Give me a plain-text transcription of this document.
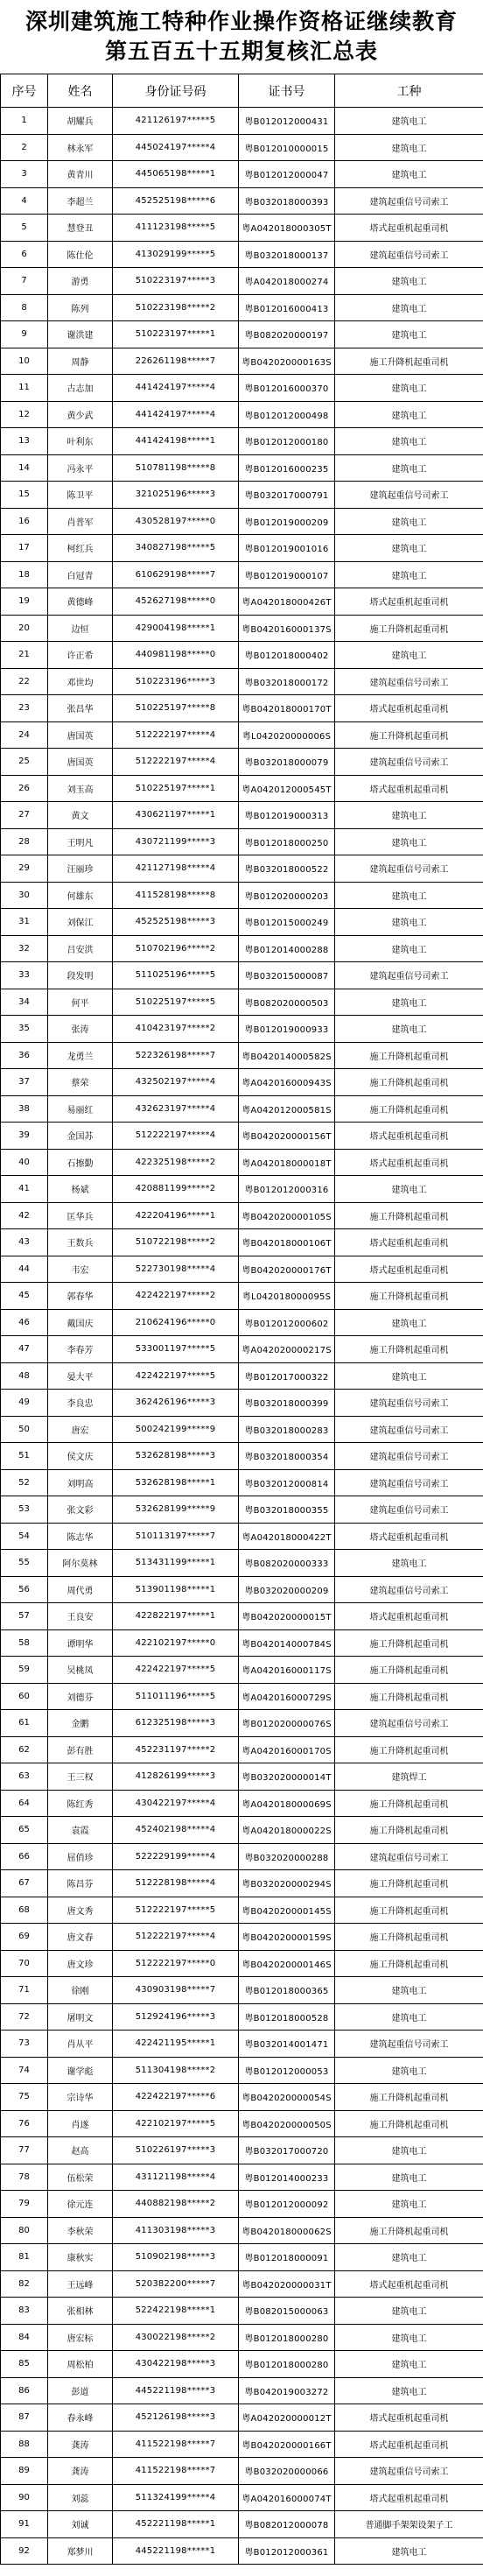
深圳建筑施工特种作业操作资格证继续教育
第五百五十五期复核汇总表
序号	姓名	身份证号码	证书号	工种
1	胡耀兵	421126197*****5	粤B012012000431	建筑电工
2	林永军	445024197*****4	粤B012010000015	建筑电工
3	黄青川	445065198*****1	粤B012012000047	建筑电工
4	李超兰	452525198*****6	粤B032018000393	建筑起重信号司索工
5	慧登丑	411123198*****5	粤A042018000305T	塔式起重机起重司机
6	陈仕伦	413029199*****5	粤B032018000137	建筑起重信号司索工
7	游勇	510223197*****3	粤A042018000274	建筑电工
8	陈列	510223198*****2	粤B012016000413	建筑电工
9	谢洪建	510223197*****1	粤B082020000197	建筑电工
10	周静	226261198*****7	粤B042020000163S	施工升降机起重司机
11	古志加	441424197*****4	粤B012016000370	建筑电工
12	黄少武	441424197*****4	粤B012012000498	建筑电工
13	叶利东	441424198*****1	粤B012012000180	建筑电工
14	冯永平	510781198*****8	粤B012016000235	建筑电工
15	陈卫平	321025196*****3	粤B032017000791	建筑起重信号司索工
16	肖普军	430528197*****0	粤B012019000209	建筑电工
17	柯红兵	340827198*****5	粤B012019001016	建筑电工
18	白冠青	610629198*****7	粤B012019000107	建筑电工
19	黄德峰	452627198*****0	粤A042018000426T	塔式起重机起重司机
20	边恒	429004198*****1	粤B042016000137S	施工升降机起重司机
21	许正希	440981198*****0	粤B012018000402	建筑电工
22	邓世均	510223196*****3	粤B032018000172	建筑起重信号司索工
23	张昌华	510225197*****8	粤B042018000170T	塔式起重机起重司机
24	唐国英	512222197*****4	粤L042020000006S	施工升降机起重司机
25	唐国英	512222197*****4	粤B032018000079	建筑起重信号司索工
26	刘玉高	510225197*****1	粤A042012000545T	塔式起重机起重司机
27	黄文	430621197*****1	粤B012019000313	建筑电工
28	王明凡	430721199*****3	粤B012018000250	建筑电工
29	汪丽珍	421127198*****4	粤B032018000522	建筑起重信号司索工
30	何雄东	411528198*****8	粤B012020000203	建筑电工
31	刘保江	452525198*****3	粤B012015000249	建筑电工
32	吕安洪	510702196*****2	粤B012014000288	建筑电工
33	段发明	511025196*****5	粤B032015000087	建筑起重信号司索工
34	何平	510225197*****5	粤B082020000503	建筑电工
35	张涛	410423197*****2	粤B012019000933	建筑电工
36	龙勇兰	522326198*****7	粤B042014000582S	施工升降机起重司机
37	蔡荣	432502197*****4	粤A042016000943S	施工升降机起重司机
38	易丽红	432623197*****4	粤A042012000581S	施工升降机起重司机
39	金国苏	512222197*****4	粤B042020000156T	塔式起重机起重司机
40	石擦勤	422325198*****2	粤A042018000018T	塔式起重机起重司机
41	杨斌	420881199*****2	粤B012012000316	建筑电工
42	匡华兵	422204196*****1	粤B042020000105S	施工升降机起重司机
43	王数兵	510722198*****2	粤B042018000106T	塔式起重机起重司机
44	韦宏	522730198*****4	粤B042020000176T	塔式起重机起重司机
45	郭春华	422422197*****2	粤L042018000095S	施工升降机起重司机
46	戴国庆	210624196*****0	粤B012012000602	建筑电工
47	李春芳	533001197*****5	粤A042020000217S	施工升降机起重司机
48	晏大平	422422197*****5	粤B012017000322	建筑电工
49	李良忠	362426196*****3	粤B032018000399	建筑起重信号司索工
50	唐宏	500242199*****9	粤B032018000283	建筑起重信号司索工
51	侯文庆	532628198*****3	粤B032018000354	建筑起重信号司索工
52	刘明高	532628198*****1	粤B032012000814	建筑起重信号司索工
53	张文彩	532628199*****9	粤B032018000355	建筑起重信号司索工
54	陈志华	510113197*****7	粤A042018000422T	塔式起重机起重司机
55	阿尔莫林	513431199*****1	粤B082020000333	建筑电工
56	周代勇	513901198*****1	粤B032020000209	建筑起重信号司索工
57	王良安	422822197*****1	粤B042020000015T	塔式起重机起重司机
58	谭明华	422102197*****0	粤B042014000784S	施工升降机起重司机
59	吴桃凤	422422197*****5	粤A042016000117S	施工升降机起重司机
60	刘德芬	511011196*****5	粤A042016000729S	施工升降机起重司机
61	金鹏	612325198*****3	粤B012020000076S	建筑起重信号司索工
62	彭有胜	452231197*****2	粤A042016000170S	施工升降机起重司机
63	王三权	412826199*****3	粤B032020000014T	建筑焊工
64	陈红秀	430422197*****4	粤A042018000069S	施工升降机起重司机
65	袁霞	452402198*****4	粤A042018000022S	施工升降机起重司机
66	屈俏珍	522229199*****4	粤B032020000288	建筑起重信号司索工
67	陈昌芬	512228198*****4	粤B032020000294S	施工升降机起重司机
68	唐文秀	512222197*****5	粤B042020000145S	施工升降机起重司机
69	唐文春	512222197*****4	粤B042020000159S	施工升降机起重司机
70	唐文珍	512222197*****0	粤B042020000146S	施工升降机起重司机
71	徐刚	430903198*****7	粤B012018000365	建筑电工
72	屠明文	512924196*****3	粤B012018000528	建筑电工
73	肖从平	422421195*****1	粤B032014001471	建筑起重信号司索工
74	谢学彪	511304198*****2	粤B012012000053	建筑电工
75	宗诗华	422422197*****6	粤B042020000054S	施工升降机起重司机
76	肖遂	422102197*****5	粤B042020000050S	施工升降机起重司机
77	赵高	510226197*****3	粤B032017000720	建筑电工
78	伍松荣	431121198*****4	粤B012014000233	建筑电工
79	徐元连	440882198*****2	粤B012012000092	建筑电工
80	李秋荣	411303198*****3	粤B042018000062S	施工升降机起重司机
81	康秋实	510902198*****3	粤B012018000091	建筑电工
82	王远峰	520382200*****7	粤B042020000031T	塔式起重机起重司机
83	张相林	522422198*****1	粤B082015000063	建筑电工
84	唐宏标	430022198*****2	粤B012018000280	建筑电工
85	周松柏	430422198*****3	粤B012018000280	建筑电工
86	彭道	445221198*****3	粤B042019003272	建筑电工
87	春永峰	452126198*****3	粤A042020000012T	塔式起重机起重司机
88	龚涛	411522198*****7	粤B042020000166T	塔式起重机起重司机
89	龚涛	411522198*****7	粤B032020000066	建筑起重信号司索工
90	刘蕊	511324199*****4	粤A042016000074T	塔式起重机起重司机
91	刘诚	452221198*****1	粤B082012000078	普通脚手架架设架子工
92	郑梦川	445221198*****1	粤B012012000361	建筑电工
